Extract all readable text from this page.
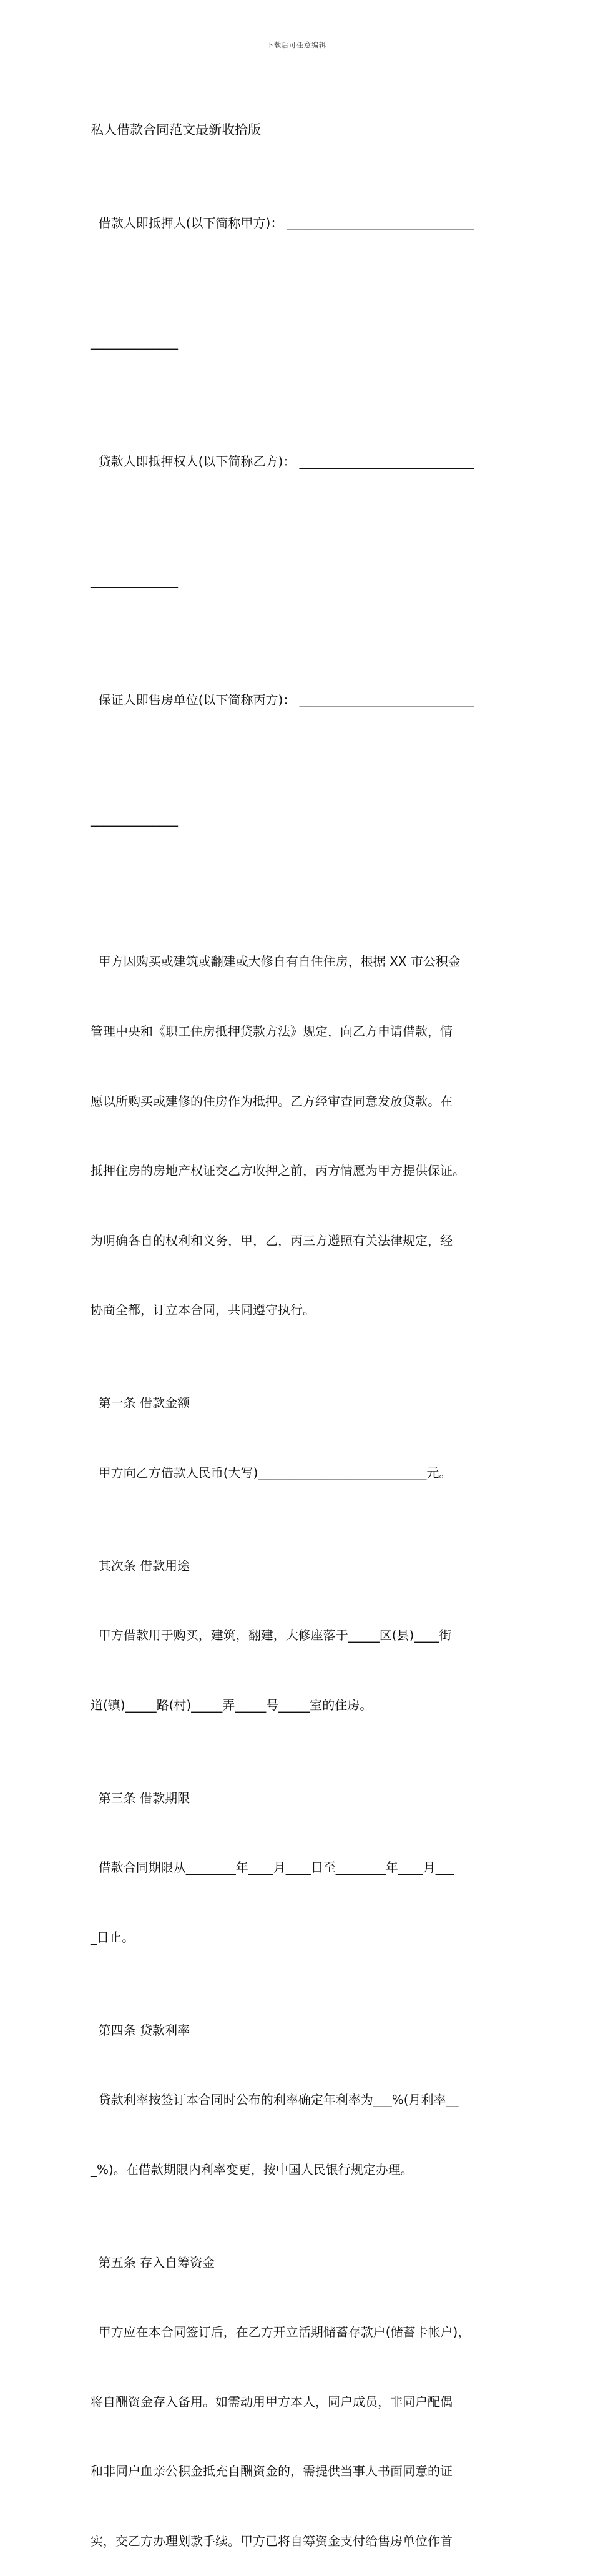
下载后可任意编辑

私人借款合同范文最新收拾版

借款人即抵押人(以下简称甲方)： ______________________________

______________

贷款人即抵押权人(以下简称乙方)： ____________________________

______________

保证人即售房单位(以下简称丙方)： ____________________________

______________

甲方因购买或建筑或翻建或大修自有自住住房，根据 XX 市公积金

管理中央和《职工住房抵押贷款方法》规定，向乙方申请借款，情

愿以所购买或建修的住房作为抵押。乙方经审查同意发放贷款。在

抵押住房的房地产权证交乙方收押之前，丙方情愿为甲方提供保证。

为明确各自的权利和义务，甲，乙，丙三方遵照有关法律规定，经

协商全都，订立本合同，共同遵守执行。

第一条 借款金额

甲方向乙方借款人民币(大写)___________________________元。

其次条 借款用途

甲方借款用于购买，建筑，翻建，大修座落于_____区(县)____街

道(镇)_____路(村)_____弄_____号_____室的住房。

第三条 借款期限

借款合同期限从________年____月____日至________年____月___

_日止。

第四条 贷款利率

贷款利率按签订本合同时公布的利率确定年利率为___%(月利率__

_%)。在借款期限内利率变更，按中国人民银行规定办理。

第五条 存入自筹资金

甲方应在本合同签订后，在乙方开立活期储蓄存款户(储蓄卡帐户)，

将自酬资金存入备用。如需动用甲方本人，同户成员，非同户配偶

和非同户血亲公积金抵充自酬资金的，需提供当事人书面同意的证

实，交乙方办理划款手续。甲方已将自筹资金支付给售房单位作首
